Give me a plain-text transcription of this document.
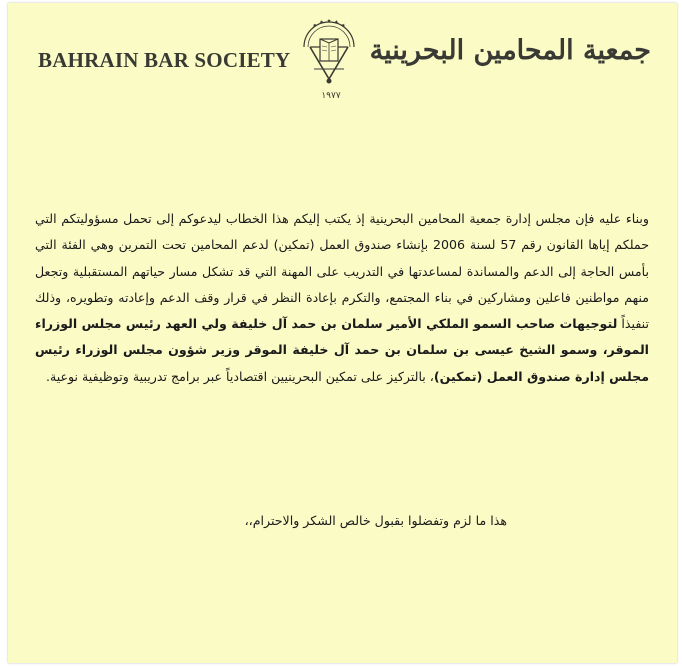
BAHRAIN BAR SOCIETY
✦ ✦ ✦ ✦ ✦
١٩٧٧
جمعية المحامين البحرينية
وبناء عليه فإن مجلس إدارة جمعية المحامين البحرينية إذ يكتب إليكم هذا الخطاب ليدعوكم إلى تحمل مسؤوليتكم التي حملكم إياها القانون رقم 57 لسنة 2006 بإنشاء صندوق العمل (تمكين) لدعم المحامين تحت التمرين وهي الفئة التي بأمس الحاجة إلى الدعم والمساندة لمساعدتها في التدريب على المهنة التي قد تشكل مسار حياتهم المستقبلية وتجعل منهم مواطنين فاعلين ومشاركين في بناء المجتمع، والتكرم بإعادة النظر في قرار وقف الدعم وإعادته وتطويره، وذلك تنفيذاً لتوجيهات صاحب السمو الملكي الأمير سلمان بن حمد آل خليفة ولي العهد رئيس مجلس الوزراء الموقر، وسمو الشيخ عيسى بن سلمان بن حمد آل خليفة الموقر وزير شؤون مجلس الوزراء رئيس مجلس إدارة صندوق العمل (تمكين)، بالتركيز على تمكين البحرينيين اقتصادياً عبر برامج تدريبية وتوظيفية نوعية.
هذا ما لزم وتفضلوا بقبول خالص الشكر والاحترام،،
